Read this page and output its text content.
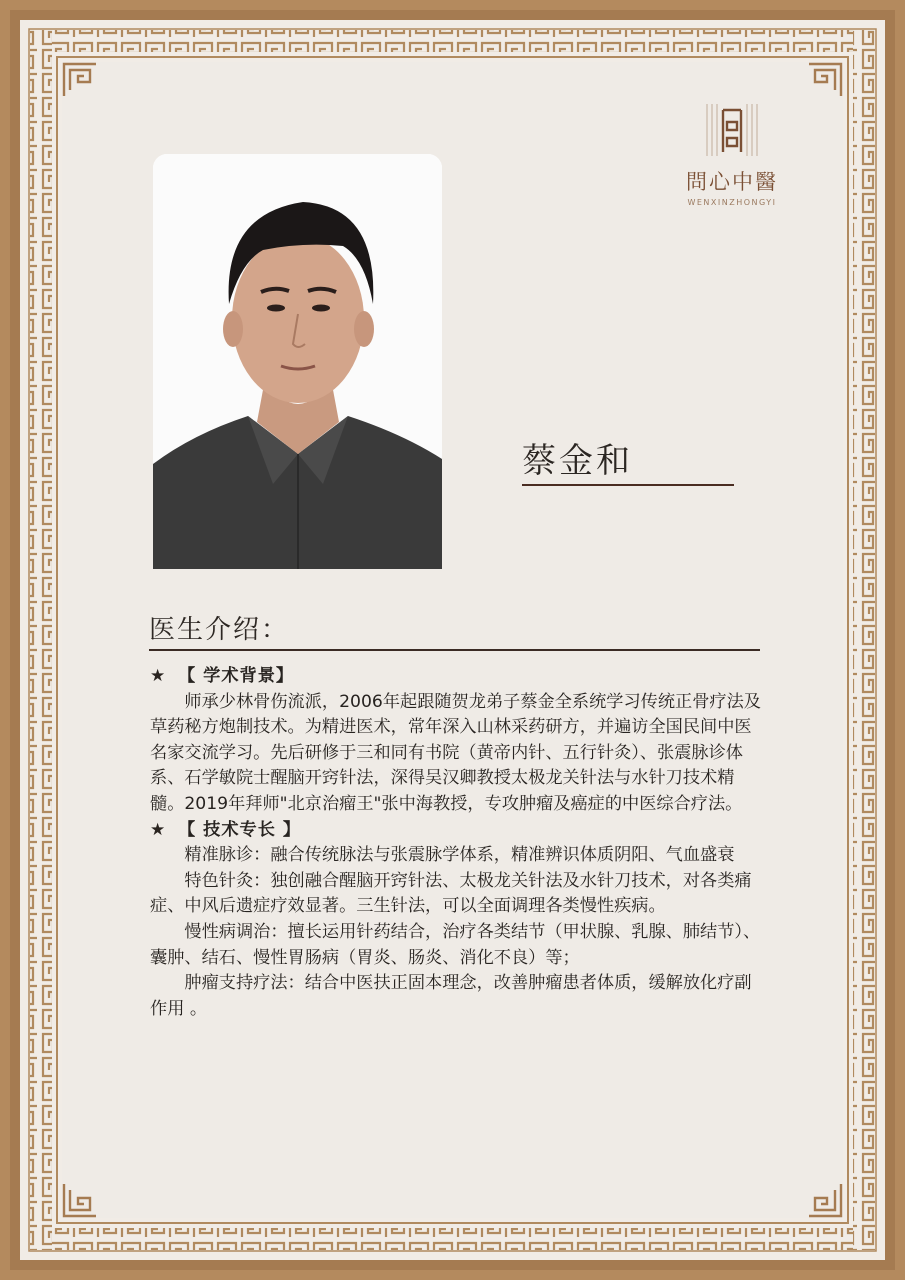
問心中醫
WENXINZHONGYI
蔡金和
医生介绍：
★ 【 学术背景】

师承少林骨伤流派，2006年起跟随贺龙弟子蔡金全系统学习传统正骨疗法及草药秘方炮制技术。为精进医术，常年深入山林采药研方，并遍访全国民间中医名家交流学习。先后研修于三和同有书院（黄帝内针、五行针灸）、张震脉诊体系、石学敏院士醒脑开窍针法，深得吴汉卿教授太极龙关针法与水针刀技术精髓。2019年拜师"北京治瘤王"张中海教授，专攻肿瘤及癌症的中医综合疗法。

★ 【 技术专长 】

精准脉诊：融合传统脉法与张震脉学体系，精准辨识体质阴阳、气血盛衰

特色针灸：独创融合醒脑开窍针法、太极龙关针法及水针刀技术，对各类痛症、中风后遗症疗效显著。三生针法，可以全面调理各类慢性疾病。

慢性病调治：擅长运用针药结合，治疗各类结节（甲状腺、乳腺、肺结节）、囊肿、结石、慢性胃肠病（胃炎、肠炎、消化不良）等；

肿瘤支持疗法：结合中医扶正固本理念，改善肿瘤患者体质，缓解放化疗副作用 。
